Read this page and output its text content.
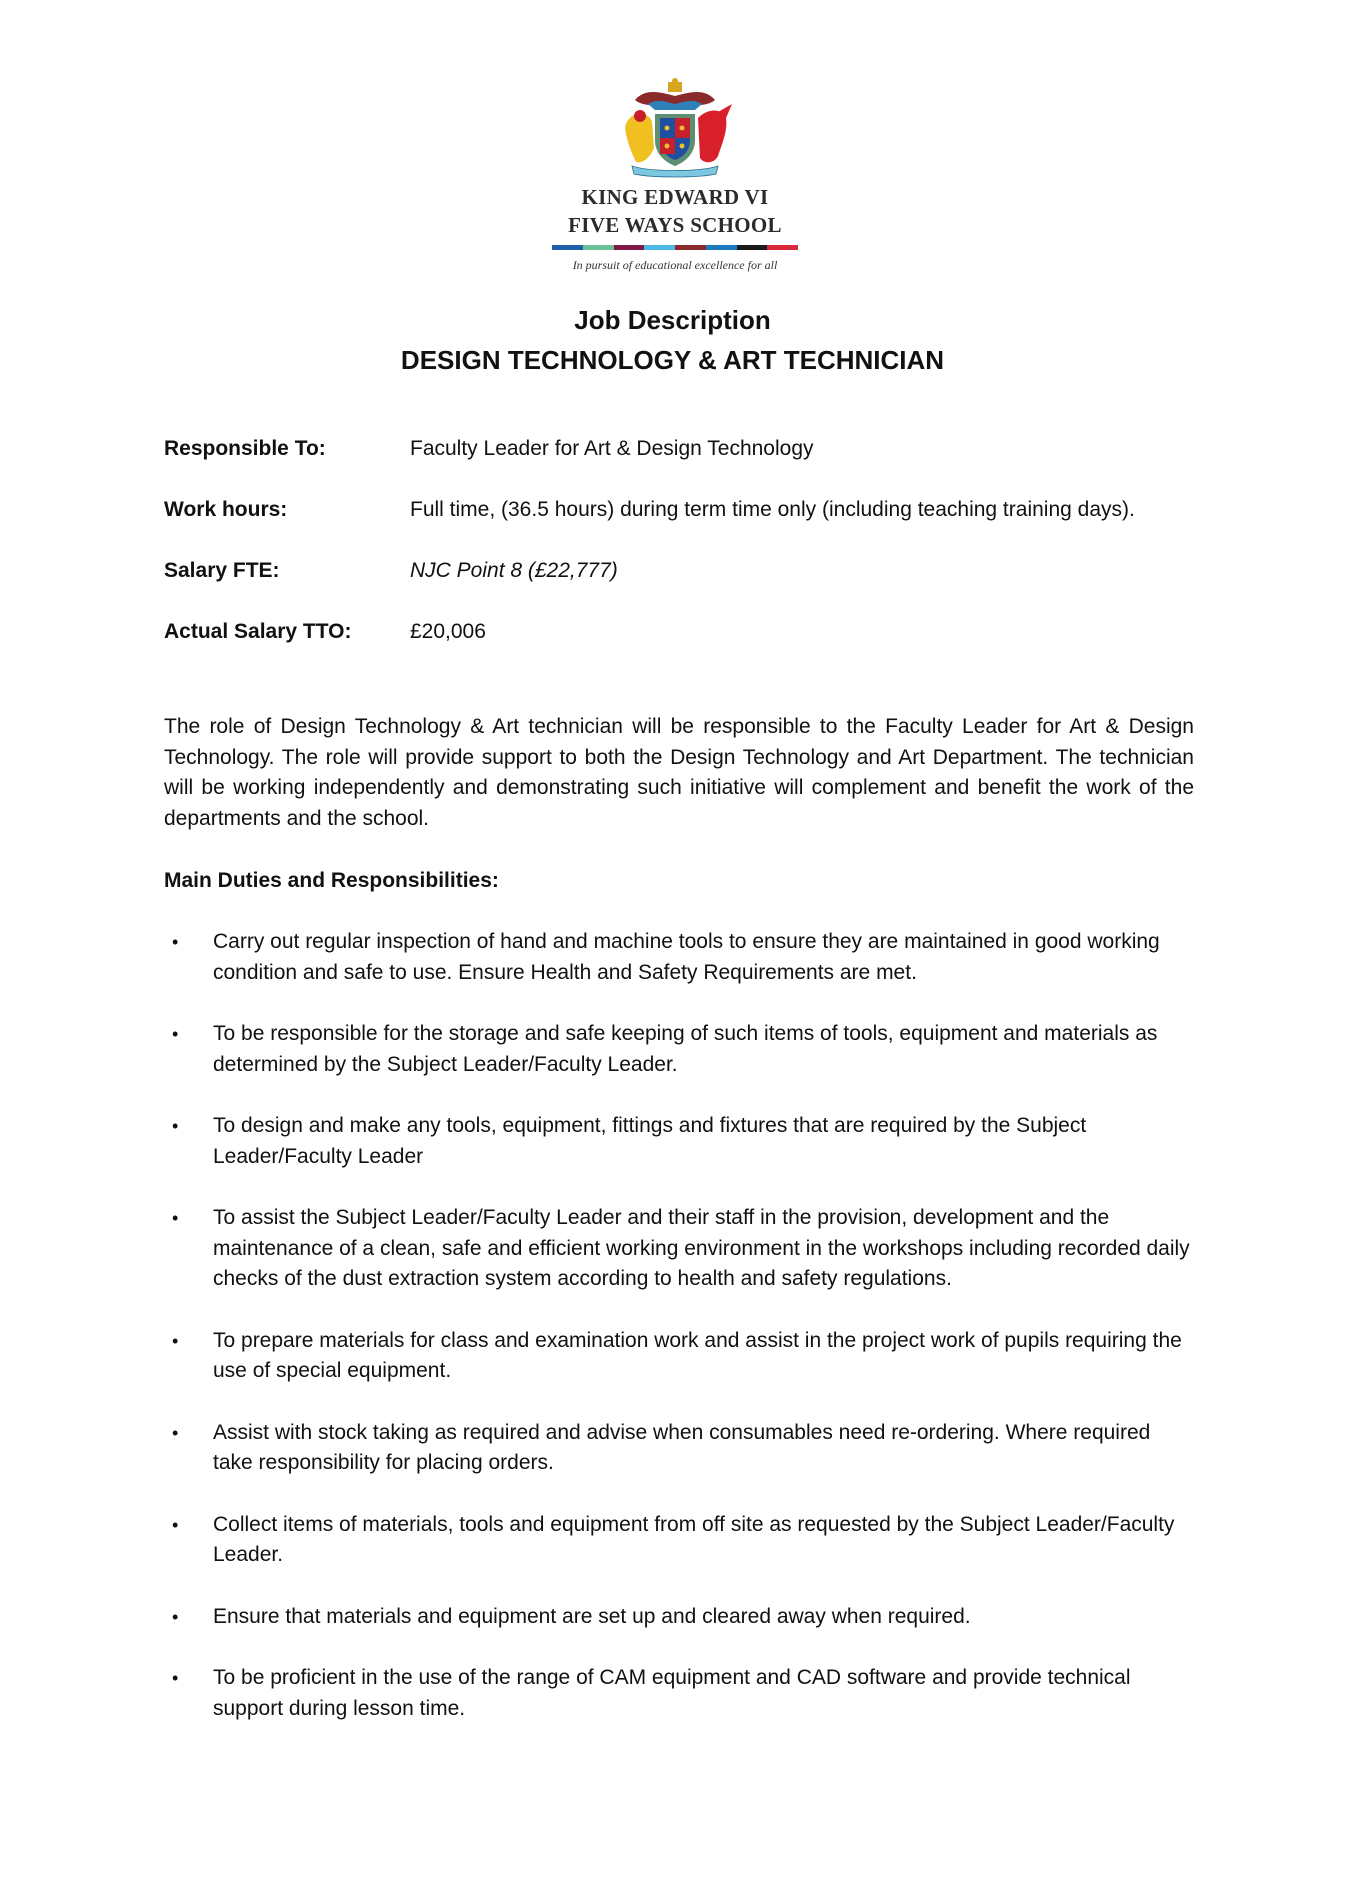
KING EDWARD VI
FIVE WAYS SCHOOL
In pursuit of educational excellence for all
Job Description
DESIGN TECHNOLOGY & ART TECHNICIAN
Responsible To:	Faculty Leader for Art & Design Technology
Work hours:	Full time, (36.5 hours) during term time only (including teaching training days).
Salary FTE:	NJC Point 8 (£22,777)
Actual Salary TTO:	£20,006
The role of Design Technology & Art technician will be responsible to the Faculty Leader for Art & Design Technology. The role will provide support to both the Design Technology and Art Department. The technician will be working independently and demonstrating such initiative will complement and benefit the work of the departments and the school.
Main Duties and Responsibilities:
•	Carry out regular inspection of hand and machine tools to ensure they are maintained in good working condition and safe to use. Ensure Health and Safety Requirements are met.
•	To be responsible for the storage and safe keeping of such items of tools, equipment and materials as determined by the Subject Leader/Faculty Leader.
•	To design and make any tools, equipment, fittings and fixtures that are required by the Subject Leader/Faculty Leader
•	To assist the Subject Leader/Faculty Leader and their staff in the provision, development and the maintenance of a clean, safe and efficient working environment in the workshops including recorded daily checks of the dust extraction system according to health and safety regulations.
•	To prepare materials for class and examination work and assist in the project work of pupils requiring the use of special equipment.
•	Assist with stock taking as required and advise when consumables need re-ordering. Where required take responsibility for placing orders.
•	Collect items of materials, tools and equipment from off site as requested by the Subject Leader/Faculty Leader.
•	Ensure that materials and equipment are set up and cleared away when required.
•	To be proficient in the use of the range of CAM equipment and CAD software and provide technical support during lesson time.
